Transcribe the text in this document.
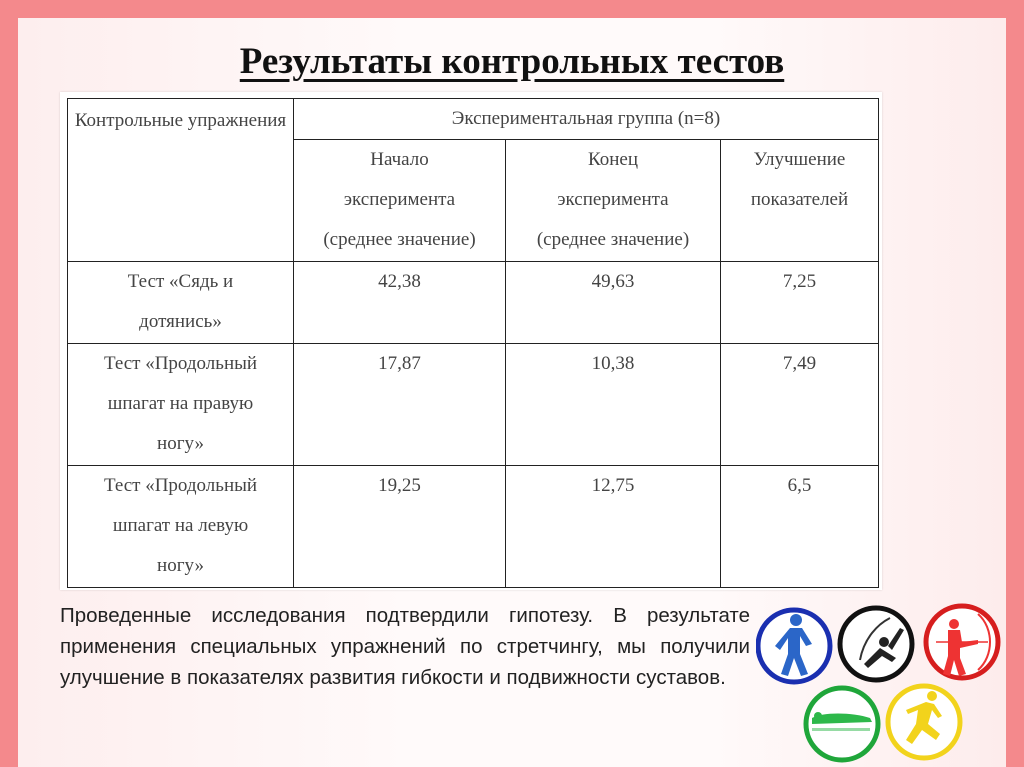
Результаты контрольных тестов
Контрольные упражнения	Экспериментальная группа (n=8)		

	Начало
эксперимента
(среднее значение)	Конец
эксперимента
(среднее значение)	Улучшение
показателей

Тест «Сядь и
дотянись»	42,38	49,63	7,25

Тест «Продольный
шпагат на правую
ногу»	17,87	10,38	7,49

Тест «Продольный
шпагат на левую
ногу»	19,25	12,75	6,5
Проведенные исследования подтвердили гипотезу. В результате применения специальных упражнений по стретчингу, мы получили улучшение в показателях развития гибкости и подвижности суставов.
